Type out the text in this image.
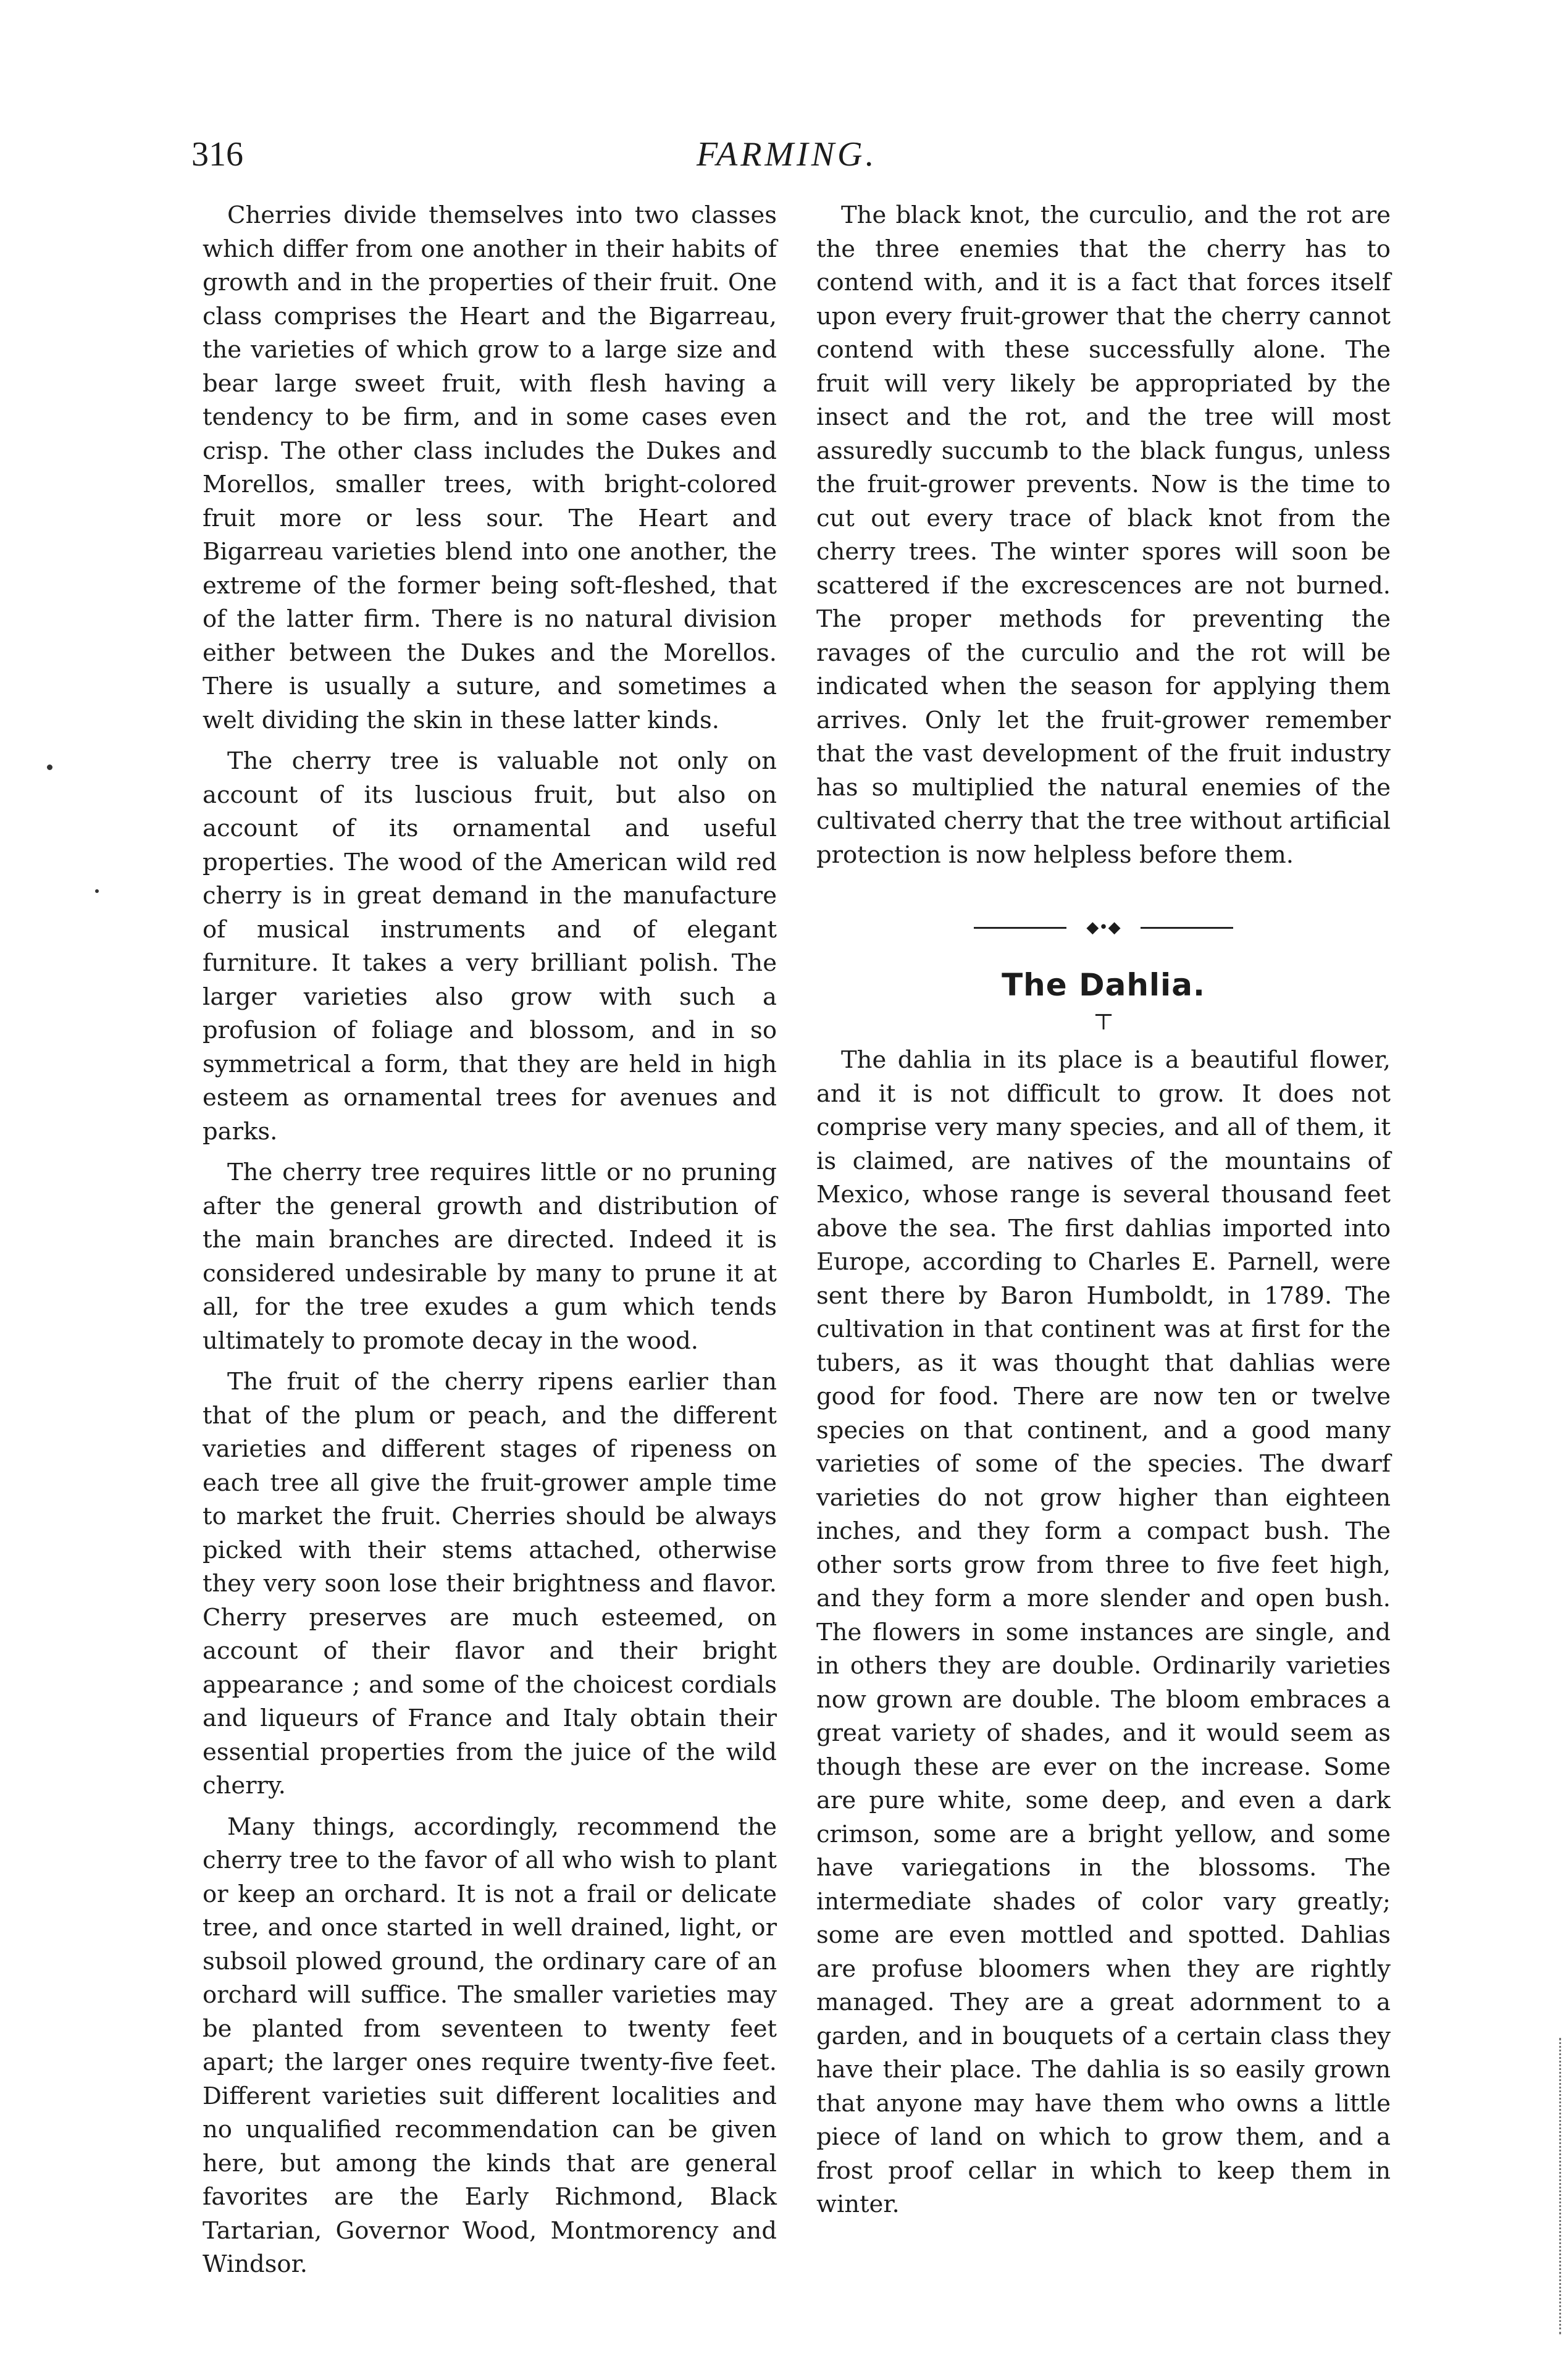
316	FARMING.

Cherries divide themselves into two classes which differ from one another in their habits of growth and in the properties of their fruit. One class comprises the Heart and the Bigarreau, the varieties of which grow to a large size and bear large sweet fruit, with flesh having a tendency to be firm, and in some cases even crisp. The other class includes the Dukes and Morellos, smaller trees, with bright-colored fruit more or less sour. The Heart and Bigarreau varieties blend into one another, the extreme of the former being soft-fleshed, that of the latter firm. There is no natural division either between the Dukes and the Morellos. There is usually a suture, and sometimes a welt dividing the skin in these latter kinds.

The cherry tree is valuable not only on account of its luscious fruit, but also on account of its ornamental and useful properties. The wood of the American wild red cherry is in great demand in the manufacture of musical instruments and of elegant furniture. It takes a very brilliant polish. The larger varieties also grow with such a profusion of foliage and blossom, and in so symmetrical a form, that they are held in high esteem as ornamental trees for avenues and parks.

The cherry tree requires little or no pruning after the general growth and distribution of the main branches are directed. Indeed it is considered undesirable by many to prune it at all, for the tree exudes a gum which tends ultimately to promote decay in the wood.

The fruit of the cherry ripens earlier than that of the plum or peach, and the different varieties and different stages of ripeness on each tree all give the fruit-grower ample time to market the fruit. Cherries should be always picked with their stems attached, otherwise they very soon lose their brightness and flavor. Cherry preserves are much esteemed, on account of their flavor and their bright appearance ; and some of the choicest cordials and liqueurs of France and Italy obtain their essential properties from the juice of the wild cherry.

Many things, accordingly, recommend the cherry tree to the favor of all who wish to plant or keep an orchard. It is not a frail or delicate tree, and once started in well drained, light, or subsoil plowed ground, the ordinary care of an orchard will suffice. The smaller varieties may be planted from seventeen to twenty feet apart; the larger ones require twenty-five feet. Different varieties suit different localities and no unqualified recommendation can be given here, but among the kinds that are general favorites are the Early Richmond, Black Tartarian, Governor Wood, Montmorency and Windsor.

The black knot, the curculio, and the rot are the three enemies that the cherry has to contend with, and it is a fact that forces itself upon every fruit-grower that the cherry cannot contend with these successfully alone. The fruit will very likely be appropriated by the insect and the rot, and the tree will most assuredly succumb to the black fungus, unless the fruit-grower prevents. Now is the time to cut out every trace of black knot from the cherry trees. The winter spores will soon be scattered if the excrescences are not burned. The proper methods for preventing the ravages of the curculio and the rot will be indicated when the season for applying them arrives. Only let the fruit-grower remember that the vast development of the fruit industry has so multiplied the natural enemies of the cultivated cherry that the tree without artificial protection is now helpless before them.

◆•◆
The Dahlia.
⊤

The dahlia in its place is a beautiful flower, and it is not difficult to grow. It does not comprise very many species, and all of them, it is claimed, are natives of the mountains of Mexico, whose range is several thousand feet above the sea. The first dahlias imported into Europe, according to Charles E. Parnell, were sent there by Baron Humboldt, in 1789. The cultivation in that continent was at first for the tubers, as it was thought that dahlias were good for food. There are now ten or twelve species on that continent, and a good many varieties of some of the species. The dwarf varieties do not grow higher than eighteen inches, and they form a compact bush. The other sorts grow from three to five feet high, and they form a more slender and open bush. The flowers in some instances are single, and in others they are double. Ordinarily varieties now grown are double. The bloom embraces a great variety of shades, and it would seem as though these are ever on the increase. Some are pure white, some deep, and even a dark crimson, some are a bright yellow, and some have variegations in the blossoms. The intermediate shades of color vary greatly; some are even mottled and spotted. Dahlias are profuse bloomers when they are rightly managed. They are a great adornment to a garden, and in bouquets of a certain class they have their place. The dahlia is so easily grown that anyone may have them who owns a little piece of land on which to grow them, and a frost proof cellar in which to keep them in winter.
